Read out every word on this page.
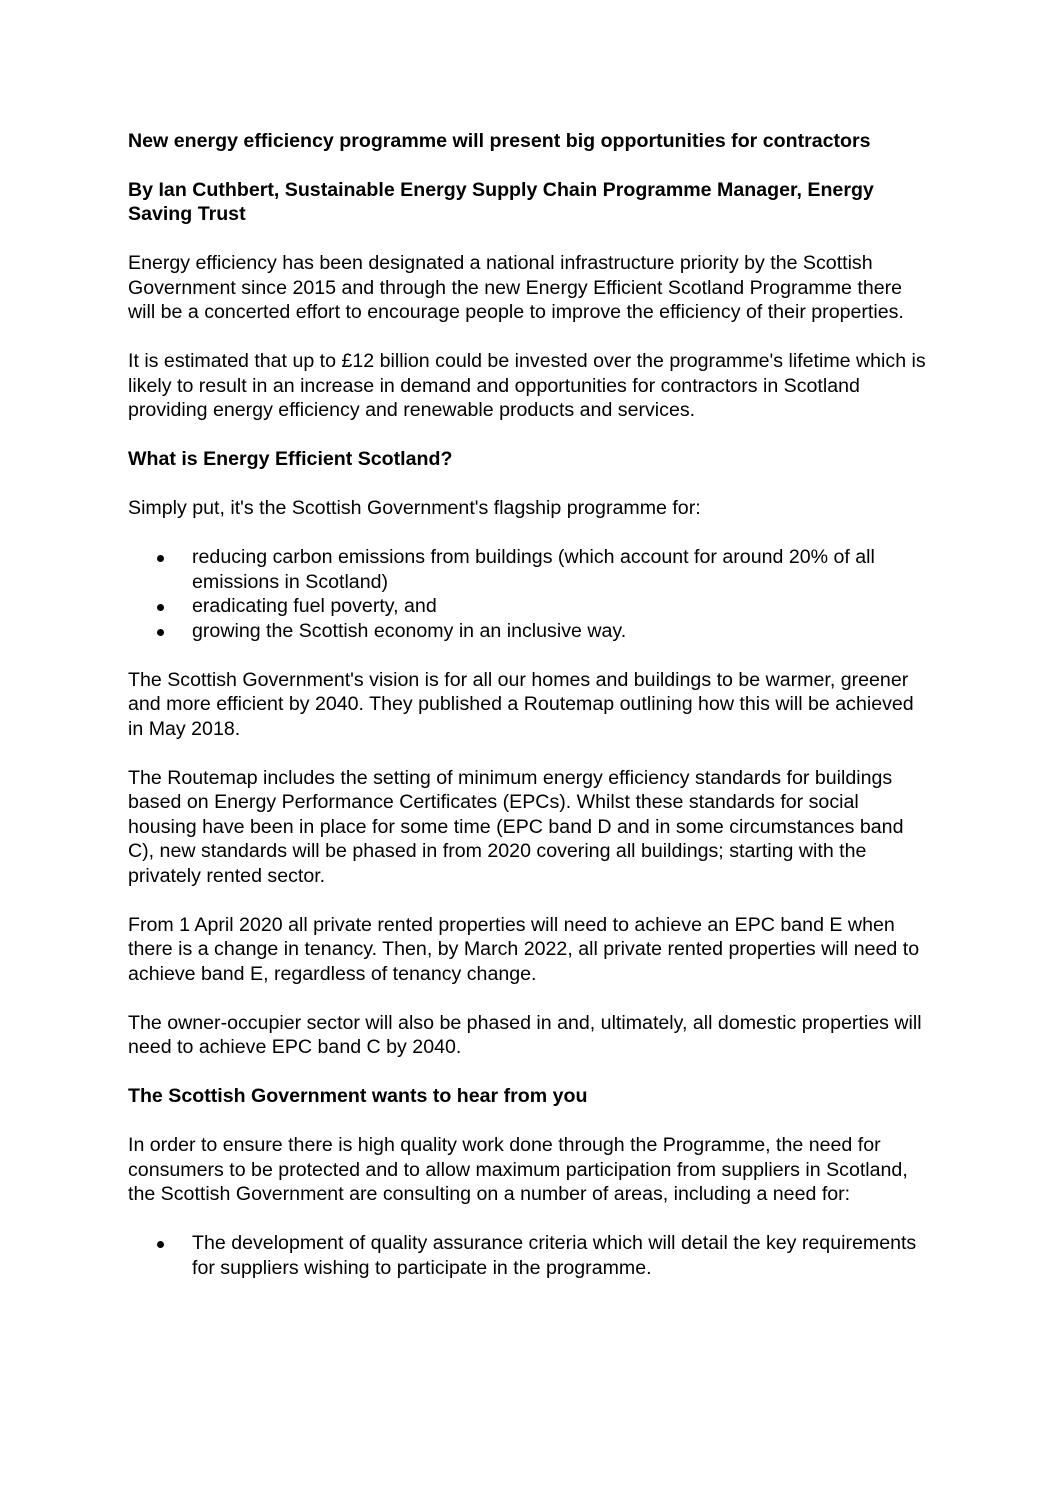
New energy efficiency programme will present big opportunities for contractors

By Ian Cuthbert, Sustainable Energy Supply Chain Programme Manager, Energy Saving Trust

Energy efficiency has been designated a national infrastructure priority by the Scottish Government since 2015 and through the new Energy Efficient Scotland Programme there will be a concerted effort to encourage people to improve the efficiency of their properties.

It is estimated that up to £12 billion could be invested over the programme's lifetime which is likely to result in an increase in demand and opportunities for contractors in Scotland providing energy efficiency and renewable products and services.

What is Energy Efficient Scotland?

Simply put, it's the Scottish Government's flagship programme for:

reducing carbon emissions from buildings (which account for around 20% of all emissions in Scotland)
eradicating fuel poverty, and
growing the Scottish economy in an inclusive way.

The Scottish Government's vision is for all our homes and buildings to be warmer, greener and more efficient by 2040. They published a Routemap outlining how this will be achieved in May 2018.

The Routemap includes the setting of minimum energy efficiency standards for buildings based on Energy Performance Certificates (EPCs). Whilst these standards for social housing have been in place for some time (EPC band D and in some circumstances band C), new standards will be phased in from 2020 covering all buildings; starting with the privately rented sector.

From 1 April 2020 all private rented properties will need to achieve an EPC band E when there is a change in tenancy. Then, by March 2022, all private rented properties will need to achieve band E, regardless of tenancy change.

The owner-occupier sector will also be phased in and, ultimately, all domestic properties will need to achieve EPC band C by 2040.

The Scottish Government wants to hear from you

In order to ensure there is high quality work done through the Programme, the need for consumers to be protected and to allow maximum participation from suppliers in Scotland, the Scottish Government are consulting on a number of areas, including a need for:

The development of quality assurance criteria which will detail the key requirements for suppliers wishing to participate in the programme.
